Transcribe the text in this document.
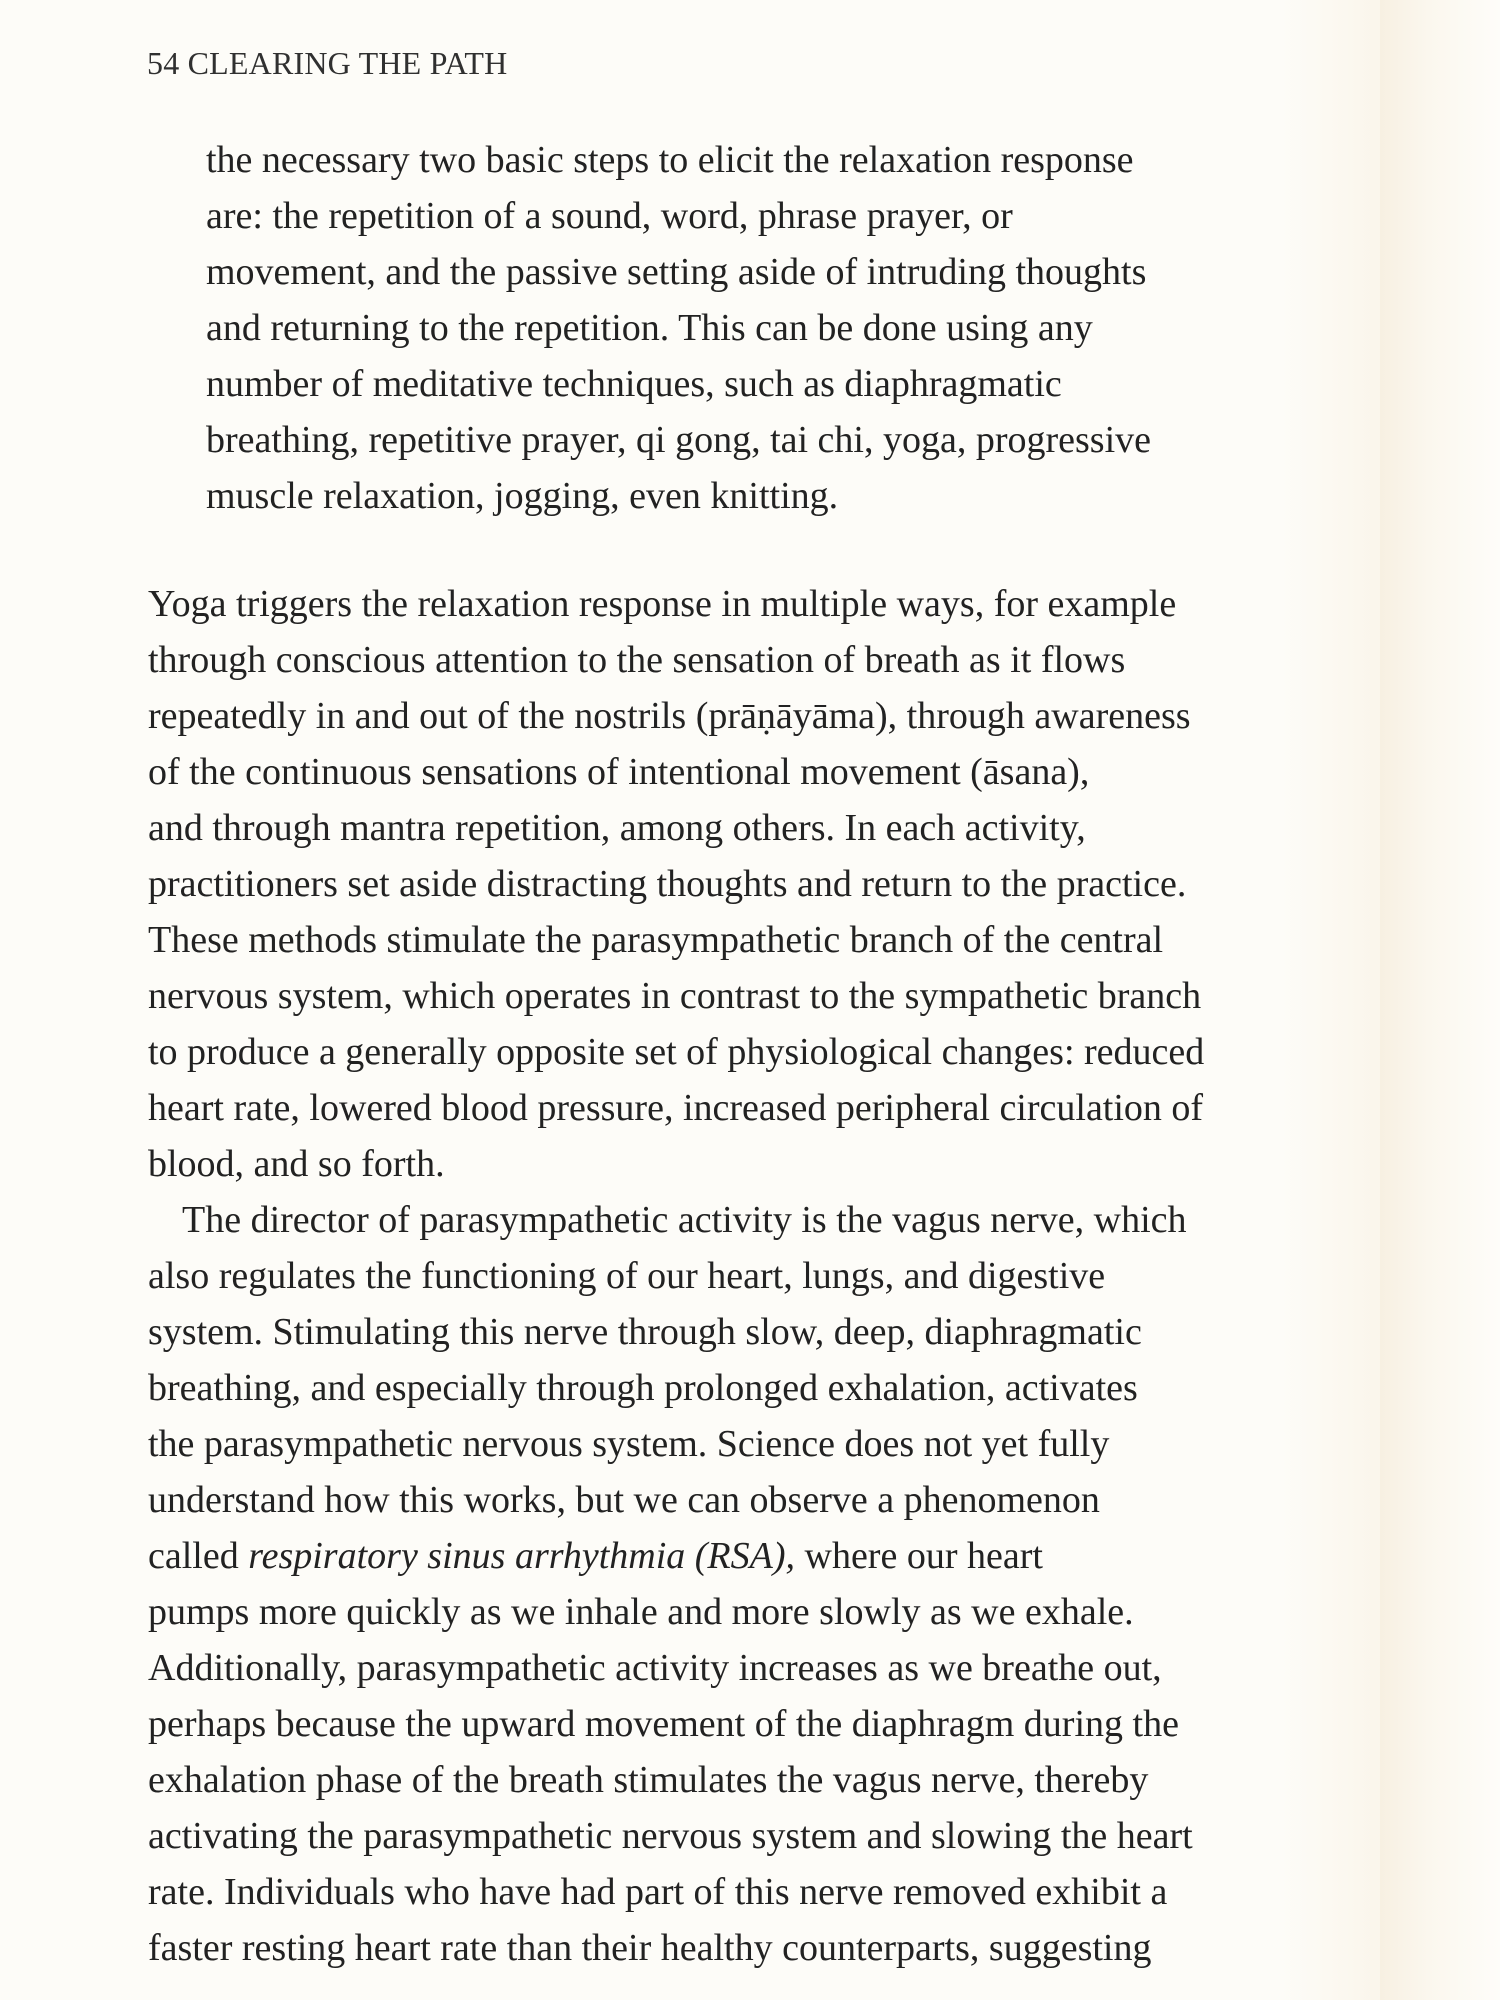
54 CLEARING THE PATH
the necessary two basic steps to elicit the relaxation response
are: the repetition of a sound, word, phrase prayer, or
movement, and the passive setting aside of intruding thoughts
and returning to the repetition. This can be done using any
number of meditative techniques, such as diaphragmatic
breathing, repetitive prayer, qi gong, tai chi, yoga, progressive
muscle relaxation, jogging, even knitting.
Yoga triggers the relaxation response in multiple ways, for example
through conscious attention to the sensation of breath as it flows
repeatedly in and out of the nostrils (prāṇāyāma), through awareness
of the continuous sensations of intentional movement (āsana),
and through mantra repetition, among others. In each activity,
practitioners set aside distracting thoughts and return to the practice.
These methods stimulate the parasympathetic branch of the central
nervous system, which operates in contrast to the sympathetic branch
to produce a generally opposite set of physiological changes: reduced
heart rate, lowered blood pressure, increased peripheral circulation of
blood, and so forth.
The director of parasympathetic activity is the vagus nerve, which
also regulates the functioning of our heart, lungs, and digestive
system. Stimulating this nerve through slow, deep, diaphragmatic
breathing, and especially through prolonged exhalation, activates
the parasympathetic nervous system. Science does not yet fully
understand how this works, but we can observe a phenomenon
called respiratory sinus arrhythmia (RSA), where our heart
pumps more quickly as we inhale and more slowly as we exhale.
Additionally, parasympathetic activity increases as we breathe out,
perhaps because the upward movement of the diaphragm during the
exhalation phase of the breath stimulates the vagus nerve, thereby
activating the parasympathetic nervous system and slowing the heart
rate. Individuals who have had part of this nerve removed exhibit a
faster resting heart rate than their healthy counterparts, suggesting
